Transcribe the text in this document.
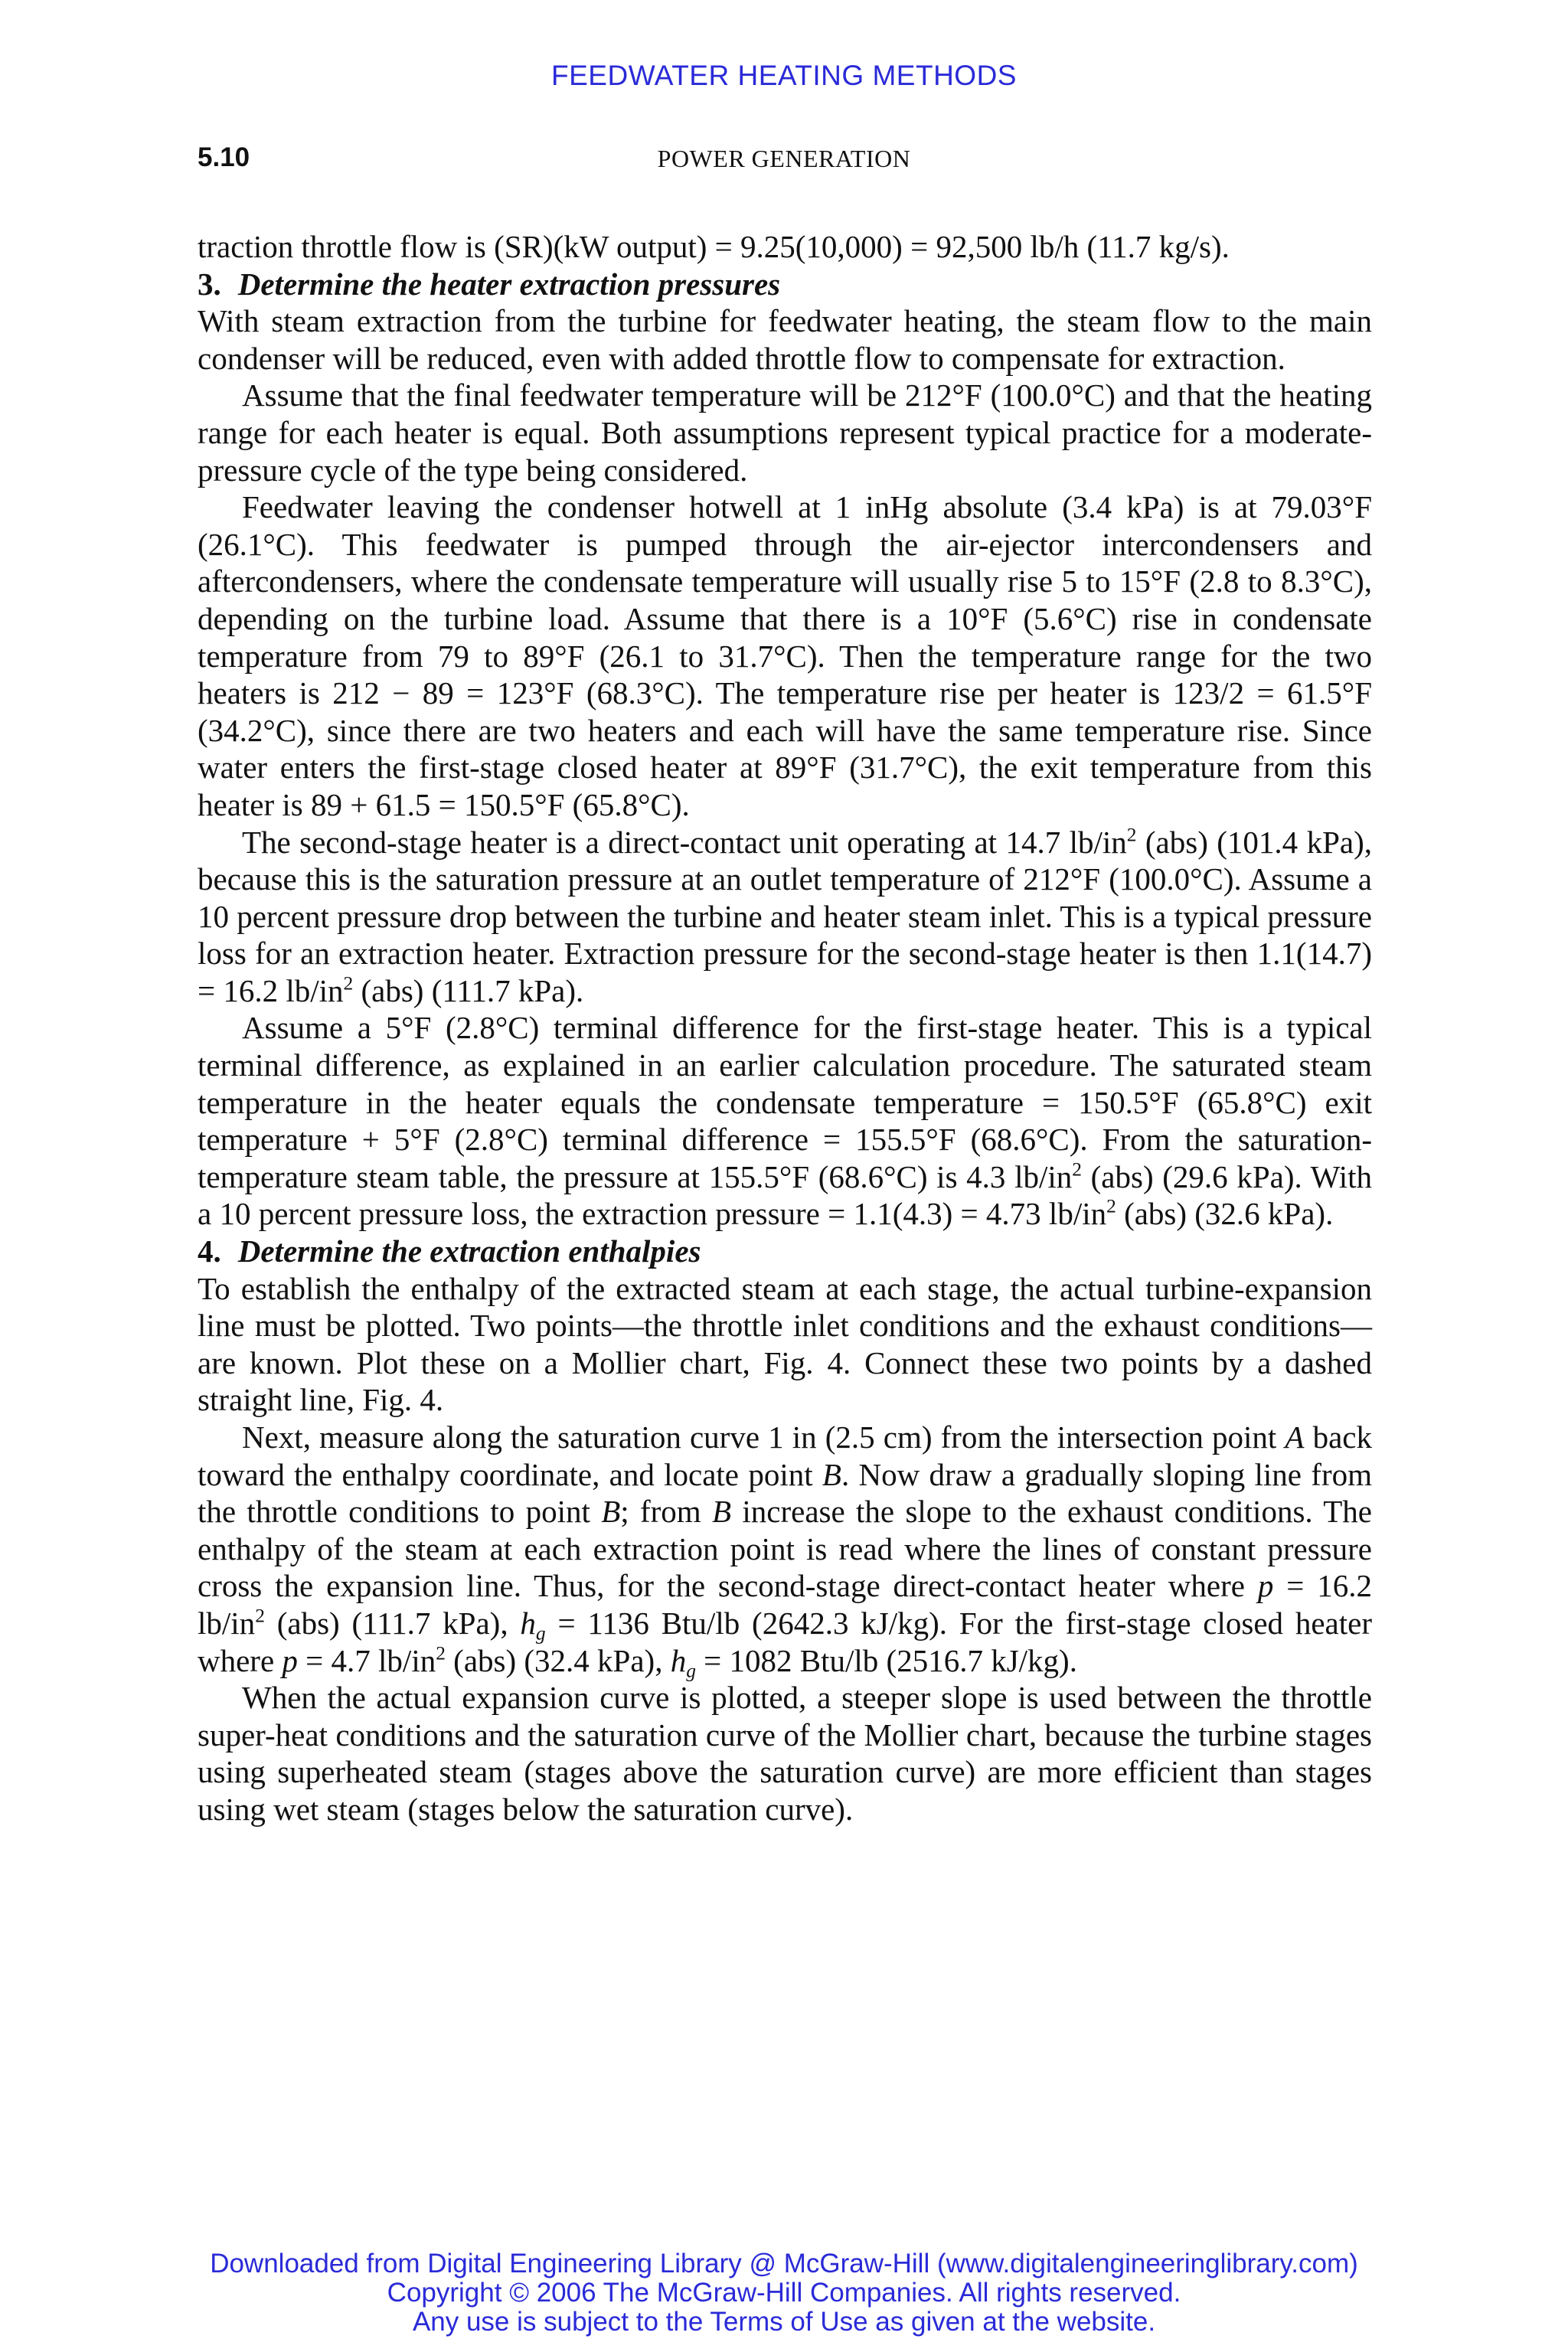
FEEDWATER HEATING METHODS
5.10	POWER GENERATION

traction throttle flow is (SR)(kW output) = 9.25(10,000) = 92,500 lb/h (11.7 kg/s).

3. Determine the heater extraction pressures

With steam extraction from the turbine for feedwater heating, the steam flow to the main condenser will be reduced, even with added throttle flow to compensate for extraction.

Assume that the final feedwater temperature will be 212°F (100.0°C) and that the heating range for each heater is equal. Both assumptions represent typical practice for a moderate-pressure cycle of the type being considered.

Feedwater leaving the condenser hotwell at 1 inHg absolute (3.4 kPa) is at 79.03°F (26.1°C). This feedwater is pumped through the air-ejector intercondensers and aftercondensers, where the condensate temperature will usually rise 5 to 15°F (2.8 to 8.3°C), depending on the turbine load. Assume that there is a 10°F (5.6°C) rise in condensate temperature from 79 to 89°F (26.1 to 31.7°C). Then the temperature range for the two heaters is 212 − 89 = 123°F (68.3°C). The temperature rise per heater is 123/2 = 61.5°F (34.2°C), since there are two heaters and each will have the same temperature rise. Since water enters the first-stage closed heater at 89°F (31.7°C), the exit temperature from this heater is 89 + 61.5 = 150.5°F (65.8°C).

The second-stage heater is a direct-contact unit operating at 14.7 $lb/in^2$ (abs) (101.4 kPa), because this is the saturation pressure at an outlet temperature of 212°F (100.0°C). Assume a 10 percent pressure drop between the turbine and heater steam inlet. This is a typical pressure loss for an extraction heater. Extraction pressure for the second-stage heater is then 1.1(14.7) = 16.2 $lb/in^2$ (abs) (111.7 kPa).

Assume a 5°F (2.8°C) terminal difference for the first-stage heater. This is a typical terminal difference, as explained in an earlier calculation procedure. The saturated steam temperature in the heater equals the condensate temperature = 150.5°F (65.8°C) exit temperature + 5°F (2.8°C) terminal difference = 155.5°F (68.6°C). From the saturation-temperature steam table, the pressure at 155.5°F (68.6°C) is 4.3 $lb/in^2$ (abs) (29.6 kPa). With a 10 percent pressure loss, the extraction pressure = 1.1(4.3) = 4.73 $lb/in^2$ (abs) (32.6 kPa).

4. Determine the extraction enthalpies

To establish the enthalpy of the extracted steam at each stage, the actual turbine-expansion line must be plotted. Two points—the throttle inlet conditions and the exhaust conditions—are known. Plot these on a Mollier chart, Fig. 4. Connect these two points by a dashed straight line, Fig. 4.

Next, measure along the saturation curve 1 in (2.5 cm) from the intersection point A back toward the enthalpy coordinate, and locate point B. Now draw a gradually sloping line from the throttle conditions to point B; from B increase the slope to the exhaust conditions. The enthalpy of the steam at each extraction point is read where the lines of constant pressure cross the expansion line. Thus, for the second-stage direct-contact heater where p = 16.2 $lb/in^2$ (abs) (111.7 kPa), $h_g = 1136$ Btu/lb (2642.3 kJ/kg). For the first-stage closed heater where p = 4.7 $lb/in^2$ (abs) (32.4 kPa), $h_g = 1082$ Btu/lb (2516.7 kJ/kg).

When the actual expansion curve is plotted, a steeper slope is used between the throttle super-heat conditions and the saturation curve of the Mollier chart, because the turbine stages using superheated steam (stages above the saturation curve) are more efficient than stages using wet steam (stages below the saturation curve).

Downloaded from Digital Engineering Library @ McGraw-Hill (www.digitalengineeringlibrary.com)
Copyright © 2006 The McGraw-Hill Companies. All rights reserved.
Any use is subject to the Terms of Use as given at the website.
